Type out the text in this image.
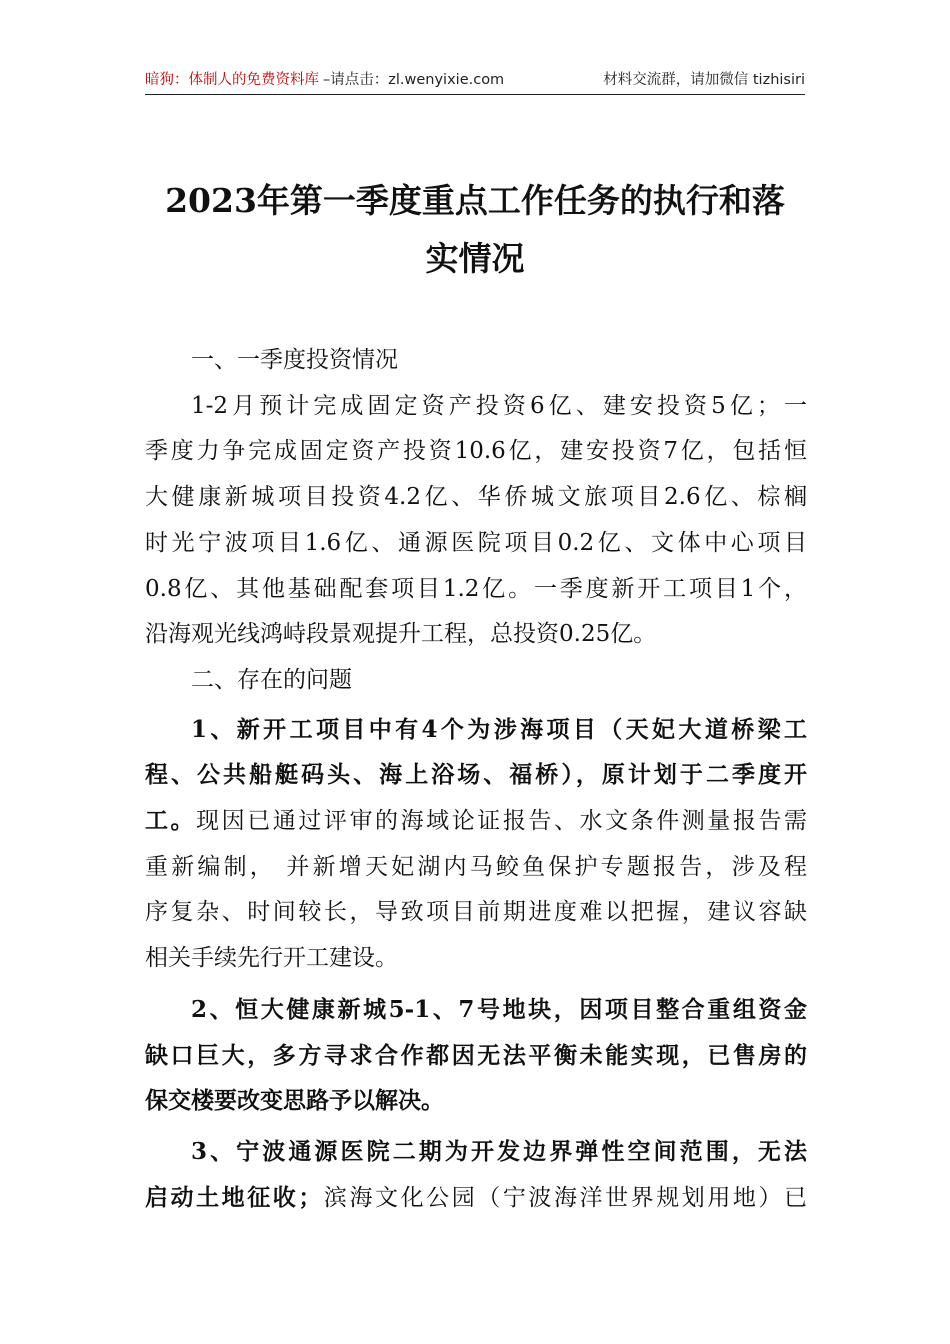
暗狗：体制人的免费资料库 –请点击：zl.wenyixie.com	材料交流群，请加微信 tizhisiri
2023年第一季度重点工作任务的执行和落
实情况

一、一季度投资情况

1-2月预计完成固定资产投资6亿、建安投资5亿；一
季度力争完成固定资产投资10.6亿，建安投资7亿，包括恒
大健康新城项目投资4.2亿、华侨城文旅项目2.6亿、棕榈
时光宁波项目1.6亿、通源医院项目0.2亿、文体中心项目
0.8亿、其他基础配套项目1.2亿。一季度新开工项目1个，
沿海观光线鸿峙段景观提升工程，总投资0.25亿。

二、存在的问题

1、新开工项目中有4个为涉海项目（天妃大道桥梁工
程、公共船艇码头、海上浴场、福桥），原计划于二季度开
工。现因已通过评审的海域论证报告、水文条件测量报告需
重新编制， 并新增天妃湖内马鲛鱼保护专题报告，涉及程
序复杂、时间较长，导致项目前期进度难以把握，建议容缺
相关手续先行开工建设。

2、恒大健康新城5-1、7号地块，因项目整合重组资金
缺口巨大，多方寻求合作都因无法平衡未能实现，已售房的
保交楼要改变思路予以解决。

3、宁波通源医院二期为开发边界弹性空间范围，无法
启动土地征收；滨海文化公园（宁波海洋世界规划用地）已
